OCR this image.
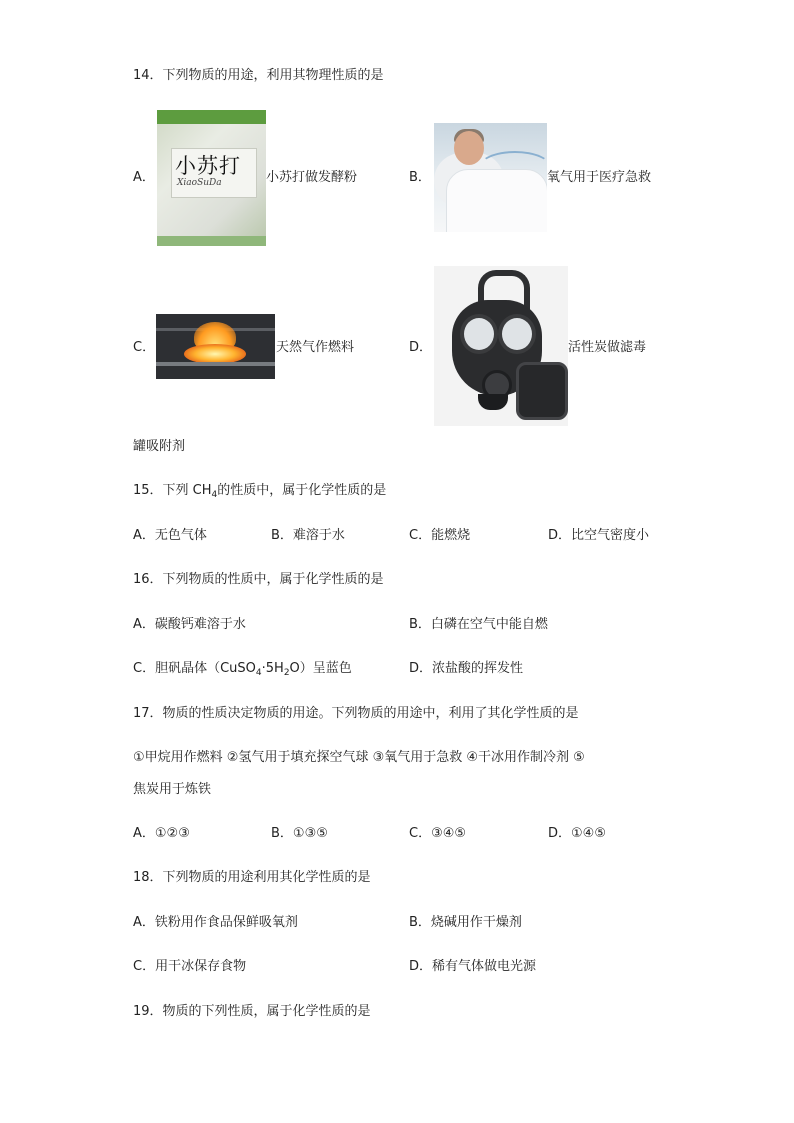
14．下列物质的用途，利用其物理性质的是
A． 小苏打
XiaoSuDa	小苏打做发酵粉	B．	氧气用于医疗急救
C．	天然气作燃料	D．	活性炭做滤毒
罐吸附剂
15．下列 $CH_4$的性质中，属于化学性质的是
A．无色气体	B．难溶于水	C．能燃烧	D．比空气密度小
16．下列物质的性质中，属于化学性质的是
A．碳酸钙难溶于水	B．白磷在空气中能自燃
C．胆矾晶体$(CuSO_4\cdot 5H_2O)$呈蓝色	D．浓盐酸的挥发性
17．物质的性质决定物质的用途。下列物质的用途中，利用了其化学性质的是
①甲烷用作燃料 ②氢气用于填充探空气球 ③氧气用于急救 ④干冰用作制冷剂 ⑤
焦炭用于炼铁
A．①②③	B．①③⑤	C．③④⑤	D．①④⑤
18．下列物质的用途利用其化学性质的是
A．铁粉用作食品保鲜吸氧剂	B．烧碱用作干燥剂
C．用干冰保存食物	D．稀有气体做电光源
19．物质的下列性质，属于化学性质的是
